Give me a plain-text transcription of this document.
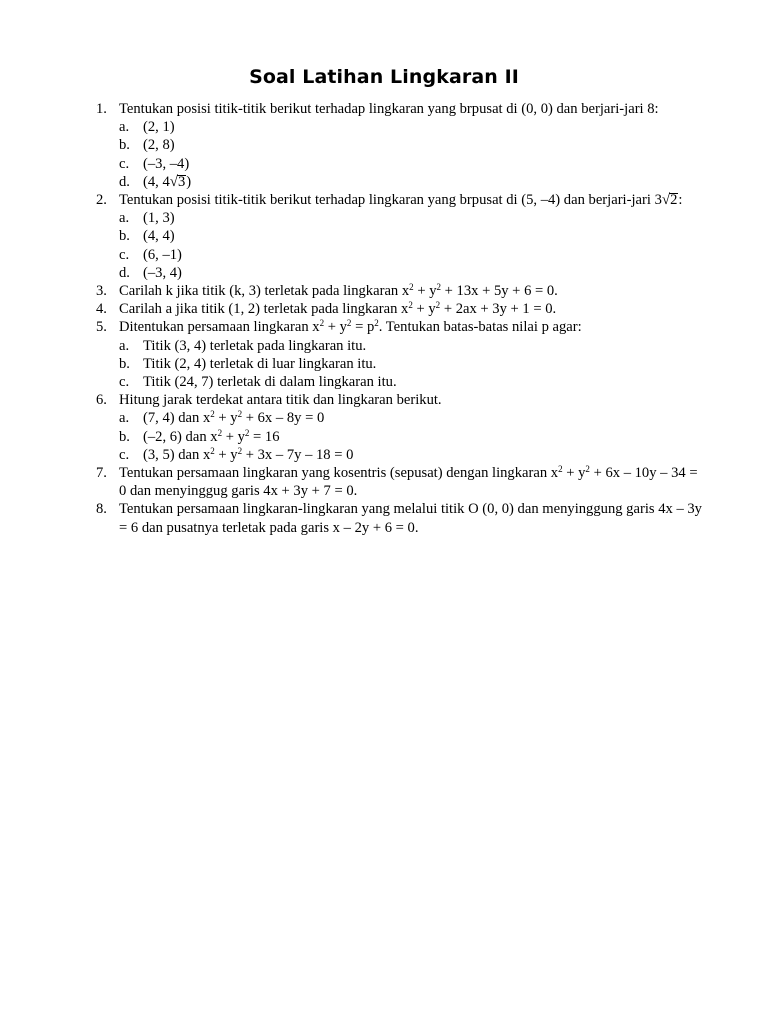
Soal Latihan Lingkaran II
1. Tentukan posisi titik-titik berikut terhadap lingkaran yang brpusat di (0, 0) dan berjari-jari 8:
a. (2, 1)
b. (2, 8)
c. (–3, –4)
d. (4, 4√3)
2. Tentukan posisi titik-titik berikut terhadap lingkaran yang brpusat di (5, –4) dan berjari-jari 3√2:
a. (1, 3)
b. (4, 4)
c. (6, –1)
d. (–3, 4)
3. Carilah k jika titik (k, 3) terletak pada lingkaran $x^2 + y^2 + 13x + 5y + 6 = 0$.
4. Carilah a jika titik (1, 2) terletak pada lingkaran $x^2 + y^2 + 2ax + 3y + 1 = 0$.
5. Ditentukan persamaan lingkaran $x^2 + y^2 = p^2$. Tentukan batas-batas nilai p agar:
a. Titik (3, 4) terletak pada lingkaran itu.
b. Titik (2, 4) terletak di luar lingkaran itu.
c. Titik (24, 7) terletak di dalam lingkaran itu.
6. Hitung jarak terdekat antara titik dan lingkaran berikut.
a. (7, 4) dan $x^2 + y^2 + 6x - 8y = 0$
b. (–2, 6) dan $x^2 + y^2 = 16$
c. (3, 5) dan $x^2 + y^2 + 3x - 7y - 18 = 0$
7. Tentukan persamaan lingkaran yang kosentris (sepusat) dengan lingkaran $x^2 + y^2 + 6x - 10y - 34 = 0$ dan menyinggug garis 4x + 3y + 7 = 0.
8. Tentukan persamaan lingkaran-lingkaran yang melalui titik O (0, 0) dan menyinggung garis 4x – 3y = 6 dan pusatnya terletak pada garis x – 2y + 6 = 0.
